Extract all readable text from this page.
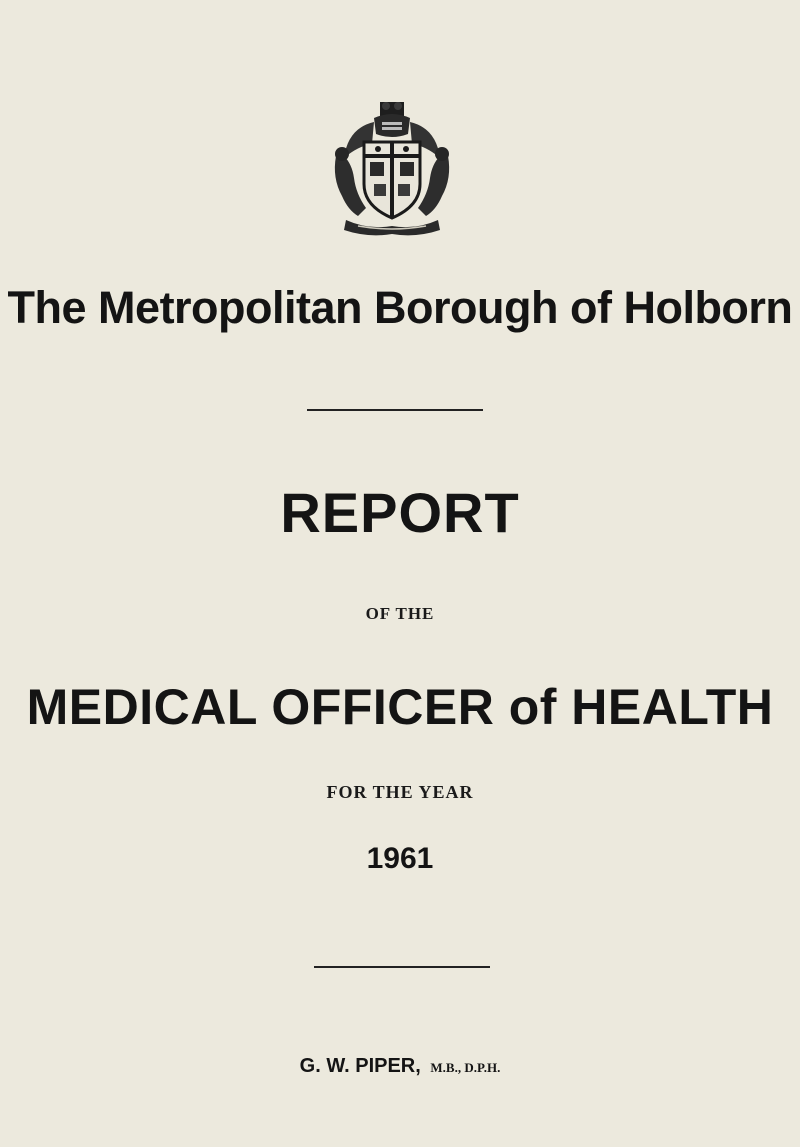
The Metropolitan Borough of Holborn
REPORT
OF THE
MEDICAL OFFICER of HEALTH
FOR THE YEAR
1961
G. W. PIPER, M.B., D.P.H.
